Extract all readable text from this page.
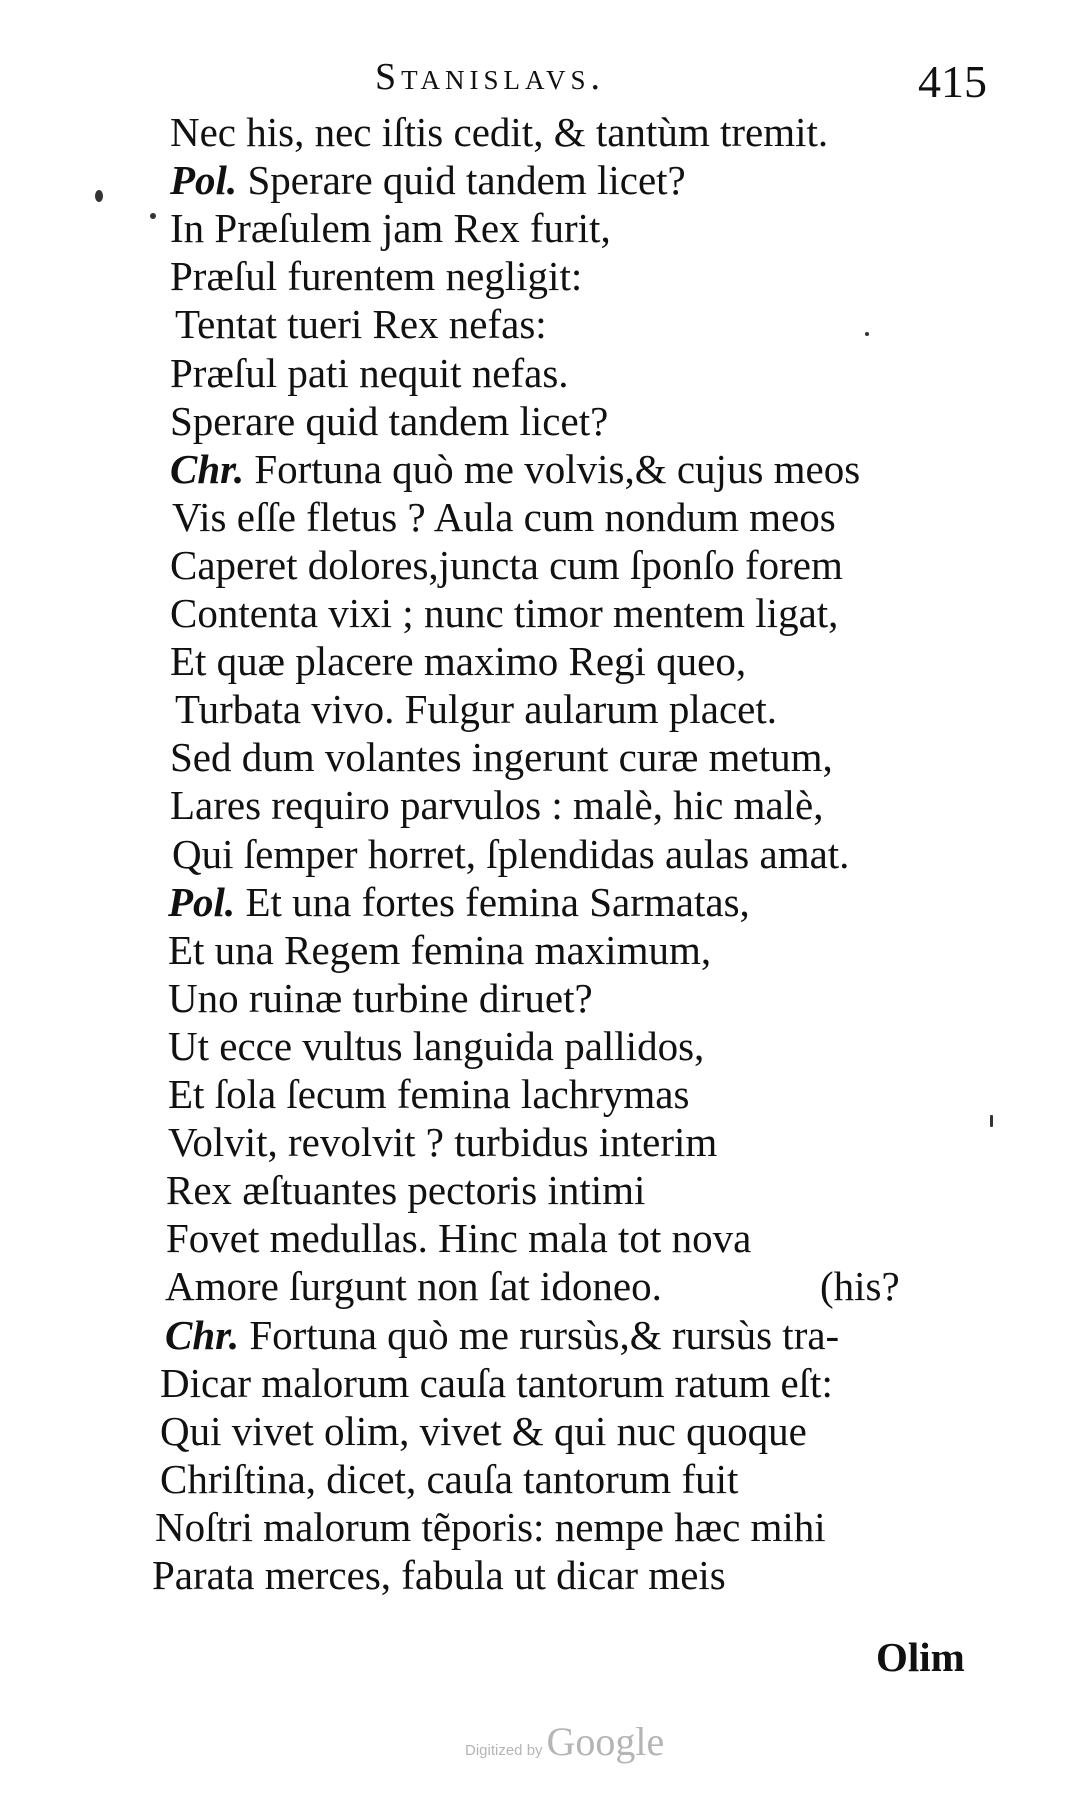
Stanislavs.	415
Nec his, nec iſtis cedit, & tantùm tremit.
Pol. Sperare quid tandem licet?
In Præſulem jam Rex furit,
Præſul furentem negligit:
Tentat tueri Rex nefas:
Præſul pati nequit nefas.
Sperare quid tandem licet?
Chr. Fortuna quò me volvis,& cujus meos
Vis eſſe fletus ? Aula cum nondum meos
Caperet dolores,juncta cum ſponſo forem
Contenta vixi ; nunc timor mentem ligat,
Et quæ placere maximo Regi queo,
Turbata vivo. Fulgur aularum placet.
Sed dum volantes ingerunt curæ metum,
Lares requiro parvulos : malè, hic malè,
Qui ſemper horret, ſplendidas aulas amat.
Pol. Et una fortes femina Sarmatas,
Et una Regem femina maximum,
Uno ruinæ turbine diruet?
Ut ecce vultus languida pallidos,
Et ſola ſecum femina lachrymas
Volvit, revolvit ? turbidus interim
Rex æſtuantes pectoris intimi
Fovet medullas. Hinc mala tot nova
Amore ſurgunt non ſat idoneo.	(his?
Chr. Fortuna quò me rursùs,& rursùs tra-
Dicar malorum cauſa tantorum ratum eſt:
Qui vivet olim, vivet & qui nuc quoque
Chriſtina, dicet, cauſa tantorum fuit
Noſtri malorum tẽporis: nempe hæc mihi
Parata merces, fabula ut dicar meis
Olim
Digitized by Google
